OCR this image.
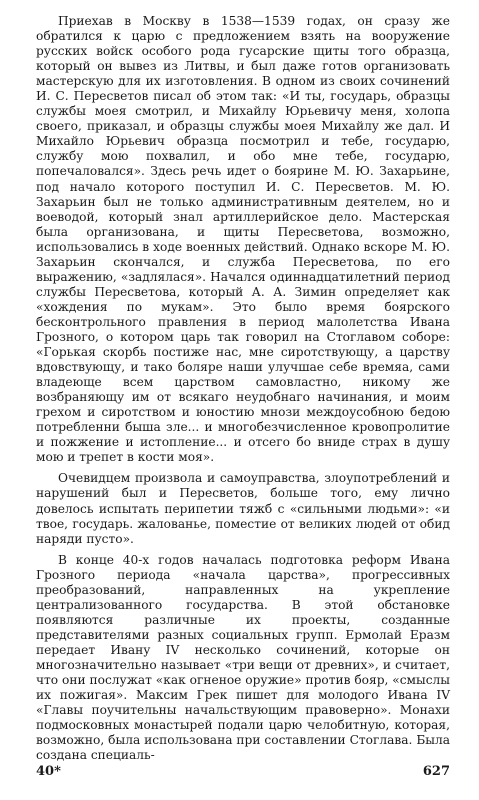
Приехав в Москву в 1538—1539 годах, он сразу же обратился к царю с предложением взять на вооружение русских войск особого рода гусарские щиты того образца, который он вывез из Литвы, и был даже готов организовать мастерскую для их изготовления. В одном из своих сочинений И. С. Пересветов писал об этом так: «И ты, государь, образцы службы моея смотрил, и Михайлу Юрьевичу меня, холопа своего, приказал, и образцы службы моея Михайлу же дал. И Михайло Юрьевич образца посмотрил и тебе, государю, службу мою похвалил, и обо мне тебе, государю, попечаловался». Здесь речь идет о боярине М. Ю. Захарьине, под начало которого поступил И. С. Пересветов. М. Ю. Захарьин был не только административным деятелем, но и воеводой, который знал артиллерийское дело. Мастерская была организована, и щиты Пересветова, возможно, использовались в ходе военных действий. Однако вскоре М. Ю. Захарьин скончался, и служба Пересветова, по его выражению, «задлялася». Начался одиннадцатилетний период службы Пересветова, который А. А. Зимин определяет как «хождения по мукам». Это было время боярского бесконтрольного правления в период малолетства Ивана Грозного, о котором царь так говорил на Стоглавом соборе: «Горькая скорбь постиже нас, мне сиротствующу, а царству вдовствующу, и тако боляре наши улучшае себе времяа, сами владеюще всем царством самовластно, никому же возбраняющу им от всякаго неудобнаго начинания, и моим грехом и сиротством и юностию мнози междоусобною бедою потребленни быша зле... и многобезчисленное кровопролитие и пожжение и истопление... и отсего бо вниде страх в душу мою и трепет в кости моя».

Очевидцем произвола и самоуправства, злоупотреблений и нарушений был и Пересветов, больше того, ему лично довелось испытать перипетии тяжб с «сильными людьми»: «и твое, государь. жалованье, поместие от великих людей от обид наряди пусто».

В конце 40-х годов началась подготовка реформ Ивана Грозного периода «начала царства», прогрессивных преобразований, направленных на укрепление централизованного государства. В этой обстановке появляются различные их проекты, созданные представителями разных социальных групп. Ермолай Еразм передает Ивану IV несколько сочинений, которые он многозначительно называет «три вещи от древних», и считает, что они послужат «как огненое оружие» против бояр, «смыслы их пожигая». Максим Грек пишет для молодого Ивана IV «Главы поучительны начальствующим правоверно». Монахи подмосковных монастырей подали царю челобитную, которая, возможно, была использована при составлении Стоглава. Была создана специаль-

40*	627
